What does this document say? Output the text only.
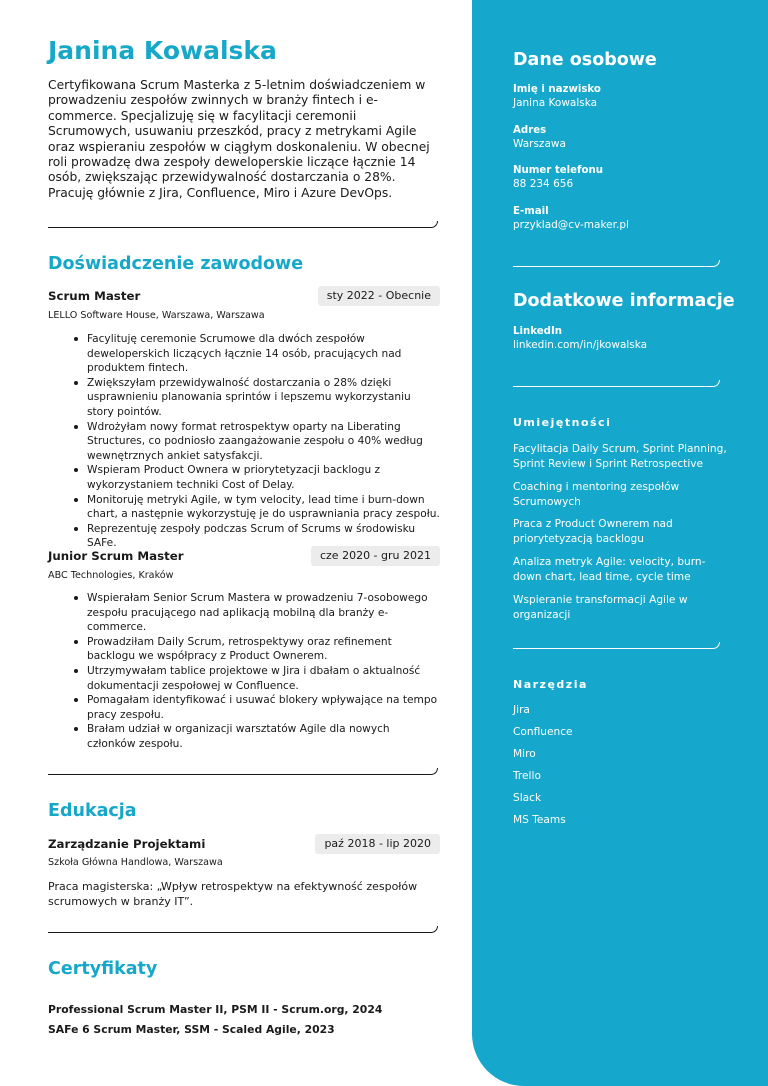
Janina Kowalska
Certyfikowana Scrum Masterka z 5-letnim doświadczeniem w prowadzeniu zespołów zwinnych w branży fintech i e-commerce. Specjalizuję się w facylitacji ceremonii Scrumowych, usuwaniu przeszkód, pracy z metrykami Agile oraz wspieraniu zespołów w ciągłym doskonaleniu. W obecnej roli prowadzę dwa zespoły deweloperskie liczące łącznie 14 osób, zwiększając przewidywalność dostarczania o 28%. Pracuję głównie z Jira, Confluence, Miro i Azure DevOps.
Doświadczenie zawodowe
Scrum Master	sty 2022 - Obecnie
LELLO Software House, Warszawa, Warszawa
Facylituję ceremonie Scrumowe dla dwóch zespołów deweloperskich liczących łącznie 14 osób, pracujących nad produktem fintech.
Zwiększyłam przewidywalność dostarczania o 28% dzięki usprawnieniu planowania sprintów i lepszemu wykorzystaniu story pointów.
Wdrożyłam nowy format retrospektyw oparty na Liberating Structures, co podniosło zaangażowanie zespołu o 40% według wewnętrznych ankiet satysfakcji.
Wspieram Product Ownera w priorytetyzacji backlogu z wykorzystaniem techniki Cost of Delay.
Monitoruję metryki Agile, w tym velocity, lead time i burn-down chart, a następnie wykorzystuję je do usprawniania pracy zespołu.
Reprezentuję zespoły podczas Scrum of Scrums w środowisku SAFe.
Junior Scrum Master	cze 2020 - gru 2021
ABC Technologies, Kraków
Wspierałam Senior Scrum Mastera w prowadzeniu 7-osobowego zespołu pracującego nad aplikacją mobilną dla branży e-commerce.
Prowadziłam Daily Scrum, retrospektywy oraz refinement backlogu we współpracy z Product Ownerem.
Utrzymywałam tablice projektowe w Jira i dbałam o aktualność dokumentacji zespołowej w Confluence.
Pomagałam identyfikować i usuwać blokery wpływające na tempo pracy zespołu.
Brałam udział w organizacji warsztatów Agile dla nowych członków zespołu.
Edukacja
Zarządzanie Projektami	paź 2018 - lip 2020
Szkoła Główna Handlowa, Warszawa
Praca magisterska: „Wpływ retrospektyw na efektywność zespołów scrumowych w branży IT”.
Certyfikaty
Professional Scrum Master II, PSM II - Scrum.org, 2024
SAFe 6 Scrum Master, SSM - Scaled Agile, 2023
Dane osobowe
Imię i nazwisko
Janina Kowalska
Adres
Warszawa
Numer telefonu
88 234 656
E-mail
przyklad@cv-maker.pl
Dodatkowe informacje
LinkedIn
linkedin.com/in/jkowalska
Umiejętności
Facylitacja Daily Scrum, Sprint Planning, Sprint Review i Sprint Retrospective
Coaching i mentoring zespołów Scrumowych
Praca z Product Ownerem nad priorytetyzacją backlogu
Analiza metryk Agile: velocity, burn-down chart, lead time, cycle time
Wspieranie transformacji Agile w organizacji
Narzędzia
Jira
Confluence
Miro
Trello
Slack
MS Teams
